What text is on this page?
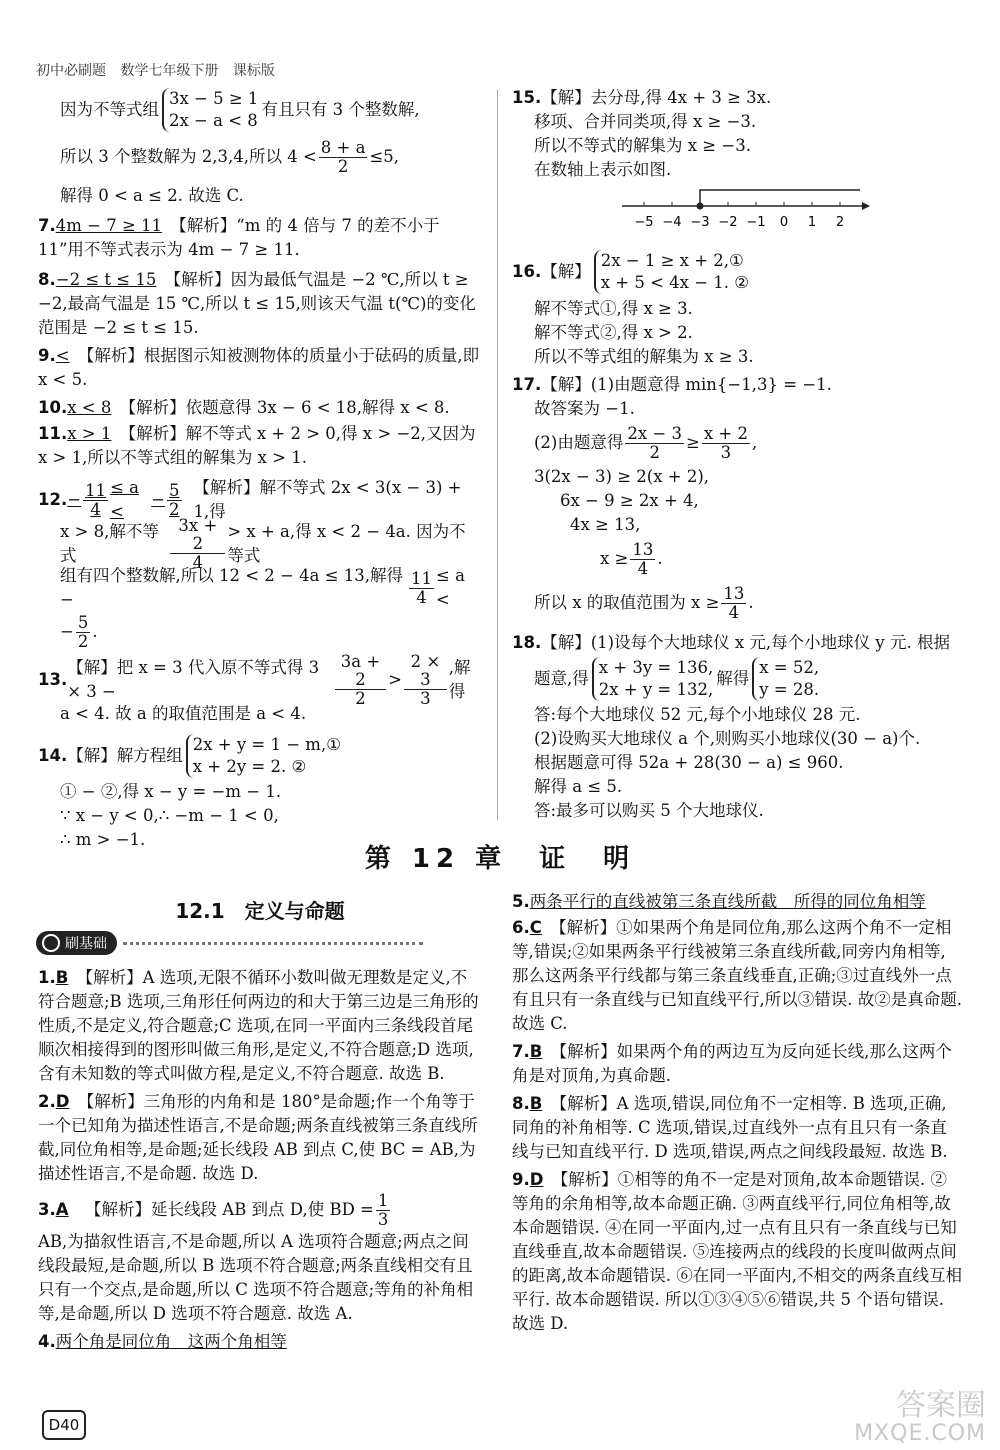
初中必刷题 数学七年级下册 课标版

因为不等式组
3x − 5 ≥ 1
2x − a < 8
有且只有 3 个整数解,

所以 3 个整数解为 2,3,4,所以 $4 < \frac{8 + a}{2} \le 5$,

解得 0 < a ≤ 2. 故选 C.

7.4m − 7 ≥ 11　 【解析】“m 的 4 倍与 7 的差不小于 11”用不等式表示为 4m − 7 ≥ 11.

8.−2 ≤ t ≤ 15　 【解析】因为最低气温是 −2 ℃,所以 t ≥ −2,最高气温是 15 ℃,所以 t ≤ 15,则该天气温 t(℃)的变化范围是 −2 ≤ t ≤ 15.

9.<　 【解析】根据图示知被测物体的质量小于砝码的质量,即 x < 5.

10.x < 8　 【解析】依题意得 3x − 6 < 18,解得 x < 8.

11.x > 1　 【解析】解不等式 x + 2 > 0,得 x > −2,又因为 x > 1,所以不等式组的解集为 x > 1.

12. − $\frac{11}{4} \le a$ <
− $\frac{5}{2}$ 【解析】解不等式 2x < 3(x − 3) + 1,得

x > 8,解不等式	$\frac{3x + 2}{4} > x + a$,得 x < 2 − 4a. 因为不等式

组有四个整数解,所以 12 < 2 − 4a ≤ 13,解得 −	$\frac{11}{4} \le a$ <

− $\frac{5}{2}$ .

13.
【解】把 x = 3 代入原不等式得 3 × 3 −	$\frac{3a + 2}{2} > \frac{2 \times 3}{3}$ ,解得

a < 4. 故 a 的取值范围是 a < 4.

14. 【解】解方程组
2x + y = 1 − m,①
x + 2y = 2. ②

① − ②,得 x − y = −m − 1.

∵ x − y < 0,∴ −m − 1 < 0,

∴ m > −1.

15.【解】去分母,得 4x + 3 ≥ 3x.

移项、合并同类项,得 x ≥ −3.

所以不等式的解集为 x ≥ −3.

在数轴上表示如图.

−5 −4 −3 −2 −1 0 1 2

16. 【解】
2x − 1 ≥ x + 2,①
x + 5 < 4x − 1. ②

解不等式①,得 x ≥ 3.

解不等式②,得 x > 2.

所以不等式组的解集为 x ≥ 3.

17.【解】(1)由题意得 min{−1,3} = −1.

故答案为 −1.

(2)由题意得 $\frac{2x - 3}{2} \ge \frac{x + 2}{3}$ ,

3(2x − 3) ≥ 2(x + 2),

6x − 9 ≥ 2x + 4,

4x ≥ 13,

$x \ge \frac{13}{4}$ .

所以 x 的取值范围为 $x \ge \frac{13}{4}$ .

18.【解】(1)设每个大地球仪 x 元,每个小地球仪 y 元. 根据

题意,得
x + 3y = 136,
2x + y = 132,
解得
x = 52,
y = 28.

答:每个大地球仪 52 元,每个小地球仪 28 元.

(2)设购买大地球仪 a 个,则购买小地球仪(30 − a)个.

根据题意可得 52a + 28(30 − a) ≤ 960.

解得 a ≤ 5.

答:最多可以购买 5 个大地球仪.

第 12 章　证　明
12.1　定义与命题
刷基础

1.B　 【解析】A 选项,无限不循环小数叫做无理数是定义,不符合题意;B 选项,三角形任何两边的和大于第三边是三角形的性质,不是定义,符合题意;C 选项,在同一平面内三条线段首尾顺次相接得到的图形叫做三角形,是定义,不符合题意;D 选项,含有未知数的等式叫做方程,是定义,不符合题意. 故选 B.

2.D　 【解析】三角形的内角和是 180°是命题;作一个角等于一个已知角为描述性语言,不是命题;两条直线被第三条直线所截,同位角相等,是命题;延长线段 AB 到点 C,使 BC = AB,为描述性语言,不是命题. 故选 D.

3. A
　 【解析】延长线段 AB 到点 D,使 BD = $\frac{1}{3}$

AB,为描叙性语言,不是命题,所以 A 选项符合题意;两点之间线段最短,是命题,所以 B 选项不符合题意;两条直线相交有且只有一个交点,是命题,所以 C 选项不符合题意;等角的补角相等,是命题,所以 D 选项不符合题意. 故选 A.

4.两个角是同位角　这两个角相等

5.两条平行的直线被第三条直线所截　所得的同位角相等

6.C　 【解析】①如果两个角是同位角,那么这两个角不一定相等,错误;②如果两条平行线被第三条直线所截,同旁内角相等,那么这两条平行线都与第三条直线垂直,正确;③过直线外一点有且只有一条直线与已知直线平行,所以③错误. 故②是真命题. 故选 C.

7.B　 【解析】如果两个角的两边互为反向延长线,那么这两个角是对顶角,为真命题.

8.B　 【解析】A 选项,错误,同位角不一定相等. B 选项,正确,同角的补角相等. C 选项,错误,过直线外一点有且只有一条直线与已知直线平行. D 选项,错误,两点之间线段最短. 故选 B.

9.D　 【解析】①相等的角不一定是对顶角,故本命题错误. ②等角的余角相等,故本命题正确. ③两直线平行,同位角相等,故本命题错误. ④在同一平面内,过一点有且只有一条直线与已知直线垂直,故本命题错误. ⑤连接两点的线段的长度叫做两点间的距离,故本命题错误. ⑥在同一平面内,不相交的两条直线互相平行. 故本命题错误. 所以①③④⑤⑥错误,共 5 个语句错误. 故选 D.

D40
答案圈
MXQE.COM
